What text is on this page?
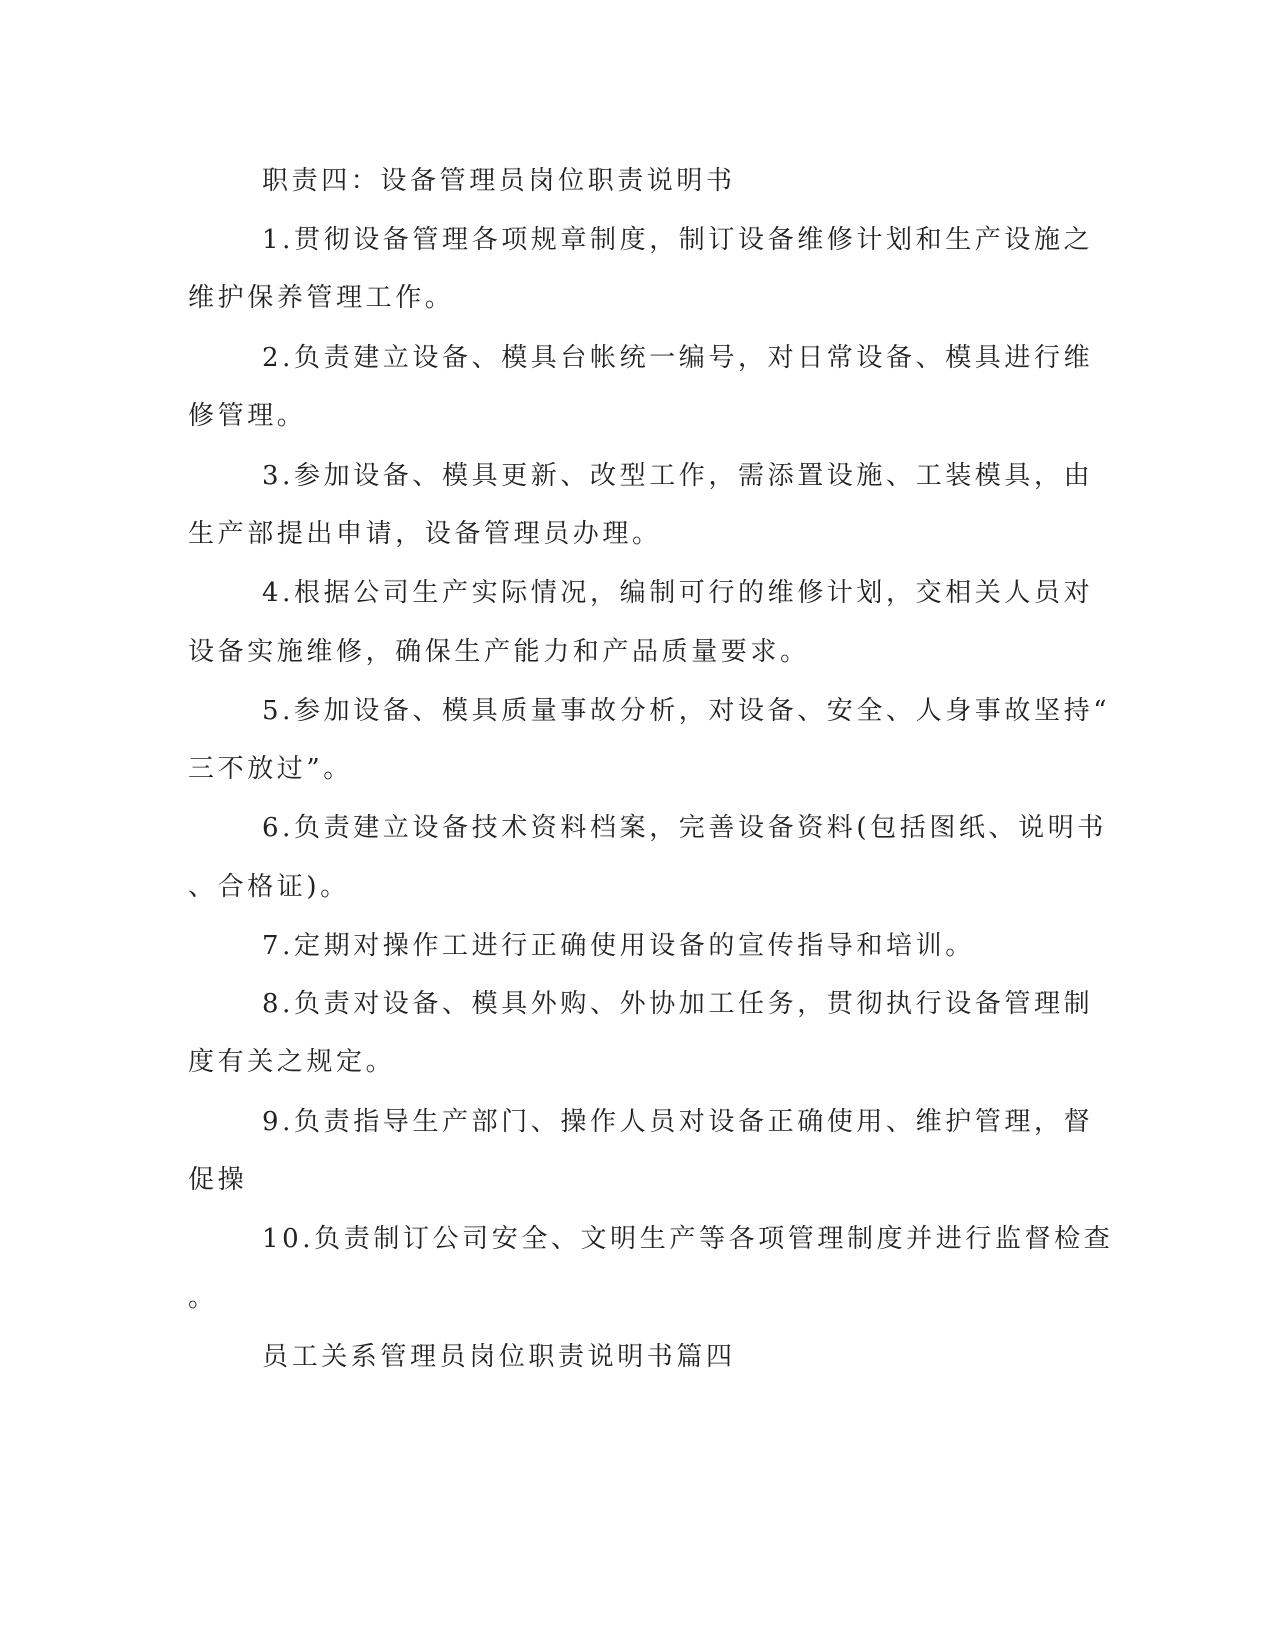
职责四：设备管理员岗位职责说明书
1.贯彻设备管理各项规章制度，制订设备维修计划和生产设施之
维护保养管理工作。
2.负责建立设备、模具台帐统一编号，对日常设备、模具进行维
修管理。
3.参加设备、模具更新、改型工作，需添置设施、工装模具，由
生产部提出申请，设备管理员办理。
4.根据公司生产实际情况，编制可行的维修计划，交相关人员对
设备实施维修，确保生产能力和产品质量要求。
5.参加设备、模具质量事故分析，对设备、安全、人身事故坚持“
三不放过”。
6.负责建立设备技术资料档案，完善设备资料(包括图纸、说明书
、合格证)。
7.定期对操作工进行正确使用设备的宣传指导和培训。
8.负责对设备、模具外购、外协加工任务，贯彻执行设备管理制
度有关之规定。
9.负责指导生产部门、操作人员对设备正确使用、维护管理，督
促操
10.负责制订公司安全、文明生产等各项管理制度并进行监督检查
。
员工关系管理员岗位职责说明书篇四
